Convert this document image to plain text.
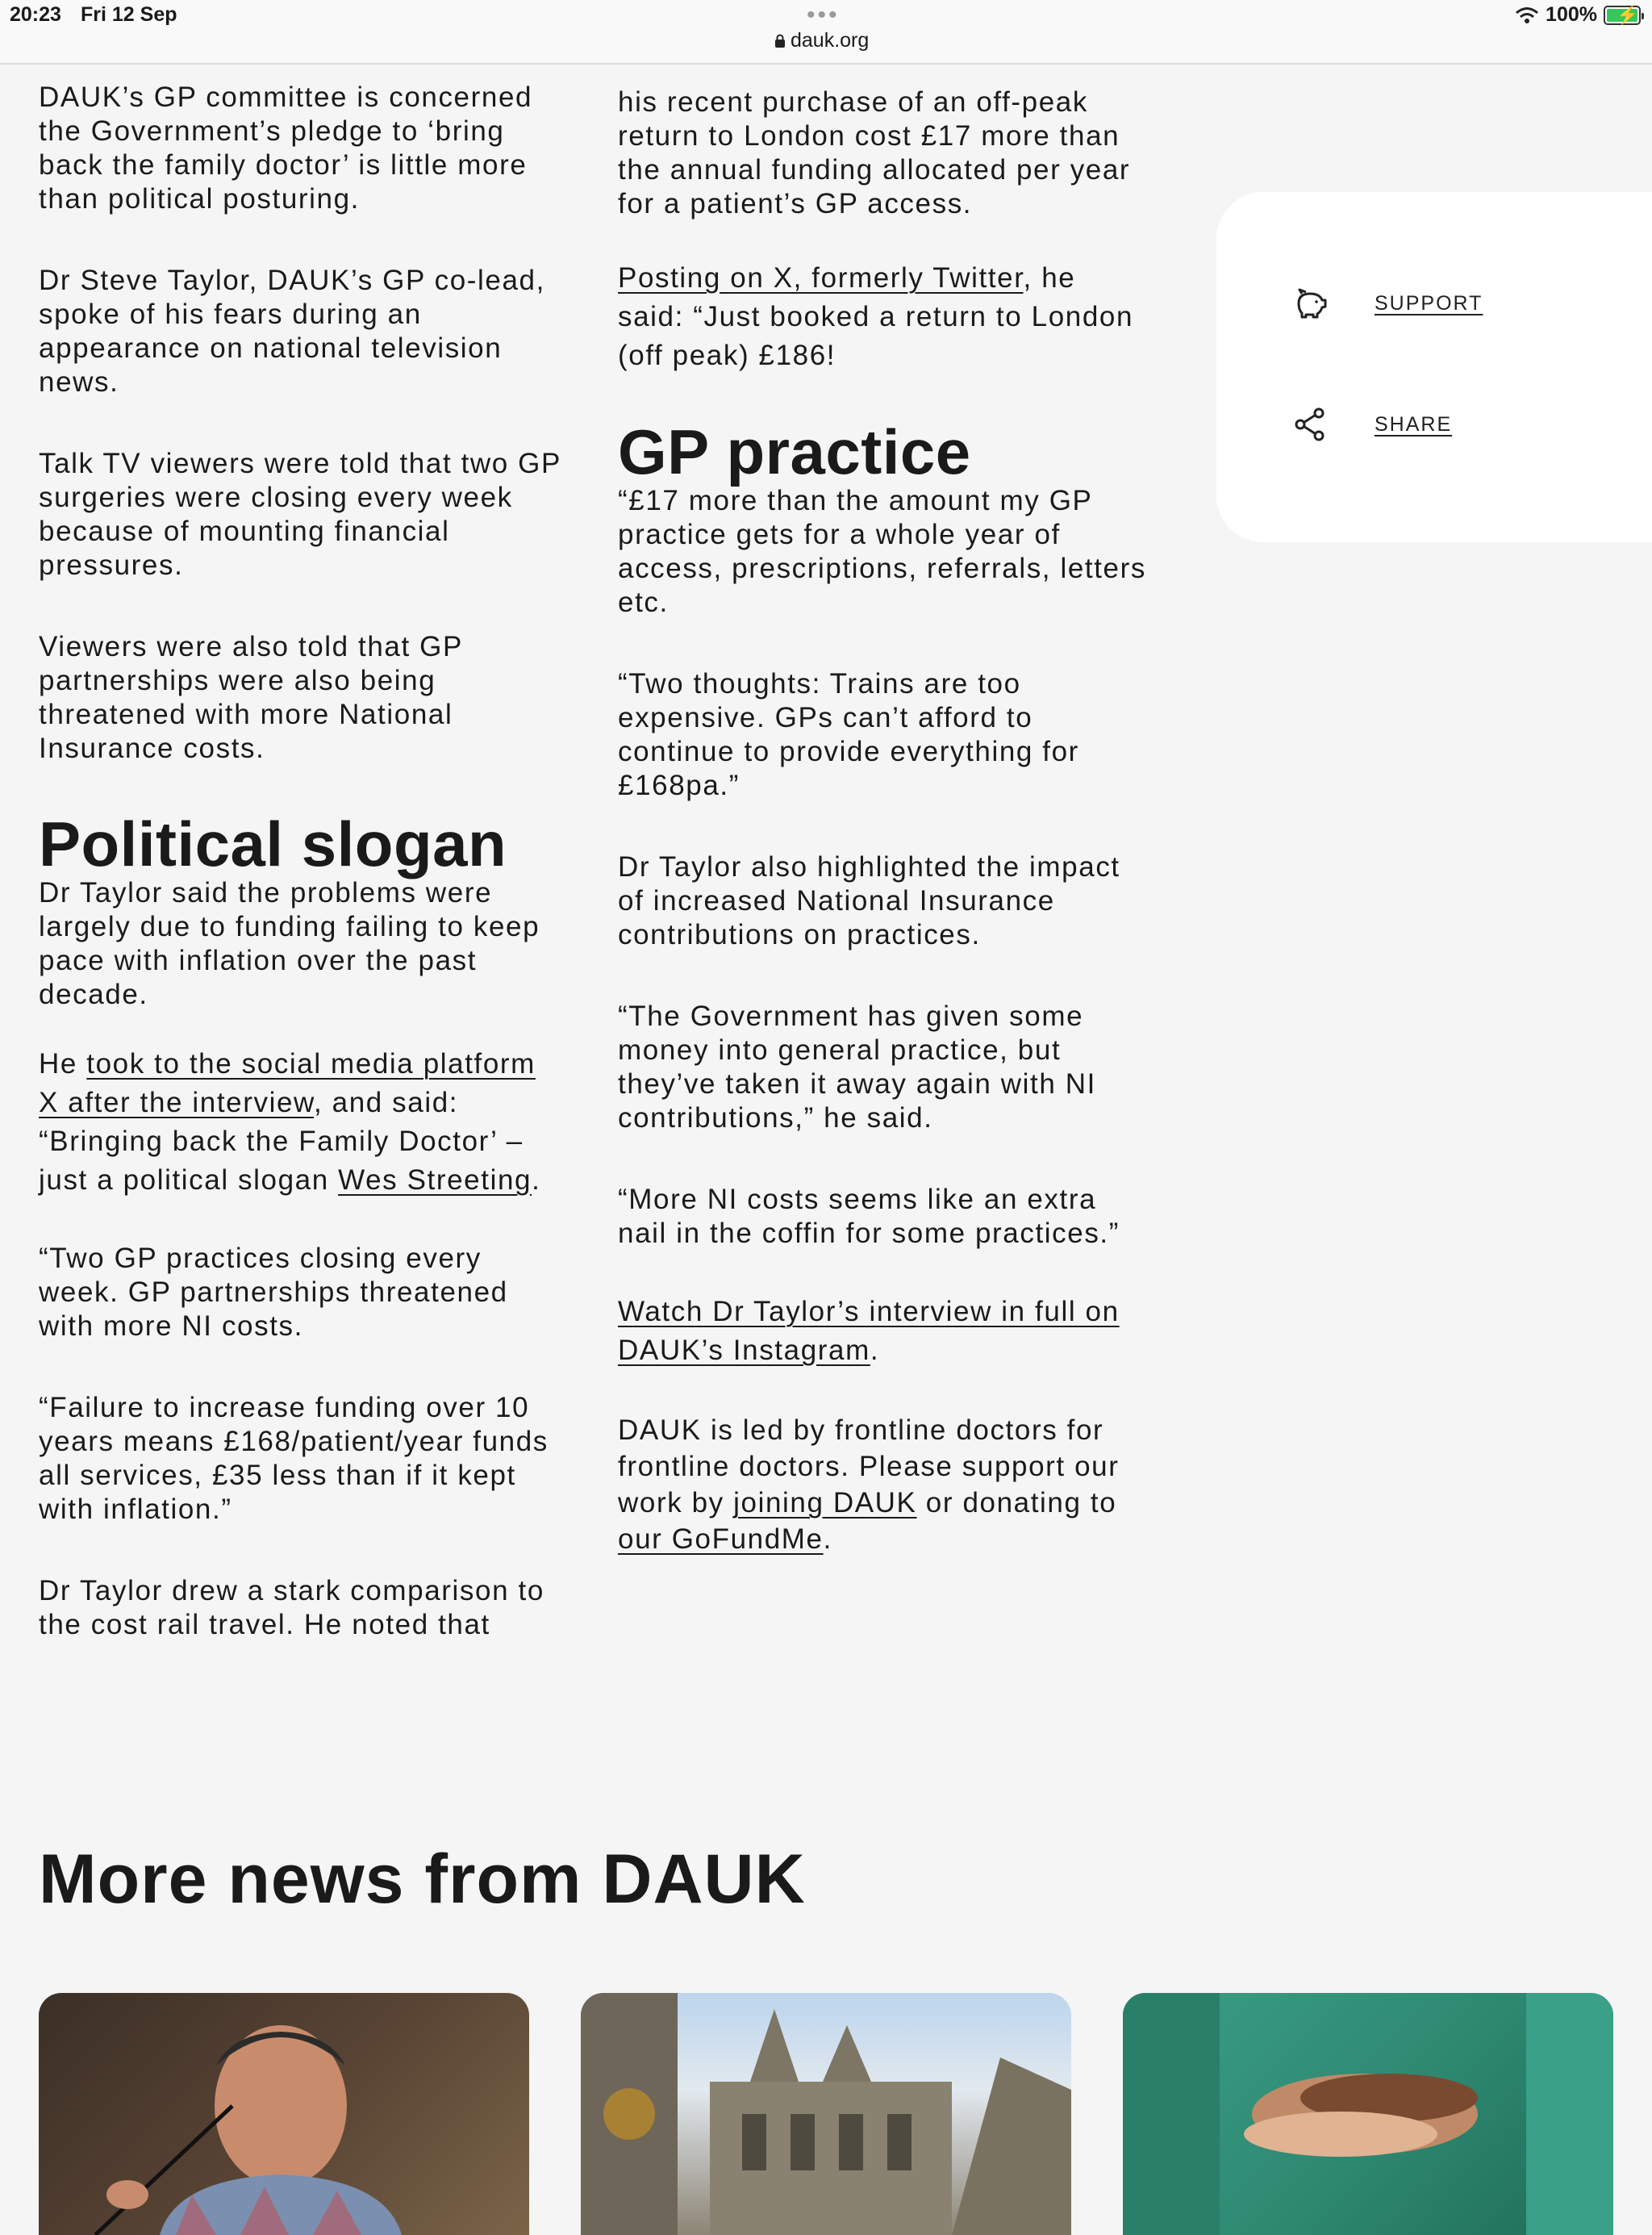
20:23 Fri 12 Sep	•••
dauk.org
100% ⚡

DAUK’s GP committee is concerned the Government’s pledge to ‘bring back the family doctor’ is little more than political posturing.

Dr Steve Taylor, DAUK’s GP co-lead, spoke of his fears during an appearance on national television news.

Talk TV viewers were told that two GP surgeries were closing every week because of mounting financial pressures.

Viewers were also told that GP partnerships were also being threatened with more National Insurance costs.

Political slogan

Dr Taylor said the problems were largely due to funding failing to keep pace with inflation over the past decade.

He took to the social media platform X after the interview, and said: “Bringing back the Family Doctor’ – just a political slogan Wes Streeting.

“Two GP practices closing every week. GP partnerships threatened with more NI costs.

“Failure to increase funding over 10 years means £168/patient/year funds all services, £35 less than if it kept with inflation.”

Dr Taylor drew a stark comparison to the cost rail travel. He noted that

his recent purchase of an off-peak return to London cost £17 more than the annual funding allocated per year for a patient’s GP access.

Posting on X, formerly Twitter, he said: “Just booked a return to London (off peak) £186!

GP practice

“£17 more than the amount my GP practice gets for a whole year of access, prescriptions, referrals, letters etc.

“Two thoughts: Trains are too expensive. GPs can’t afford to continue to provide everything for £168pa.”

Dr Taylor also highlighted the impact of increased National Insurance contributions on practices.

“The Government has given some money into general practice, but they’ve taken it away again with NI contributions,” he said.

“More NI costs seems like an extra nail in the coffin for some practices.”

Watch Dr Taylor’s interview in full on DAUK’s Instagram.

DAUK is led by frontline doctors for frontline doctors. Please support our work by joining DAUK or donating to our GoFundMe.

SUPPORT
SHARE
More news from DAUK
